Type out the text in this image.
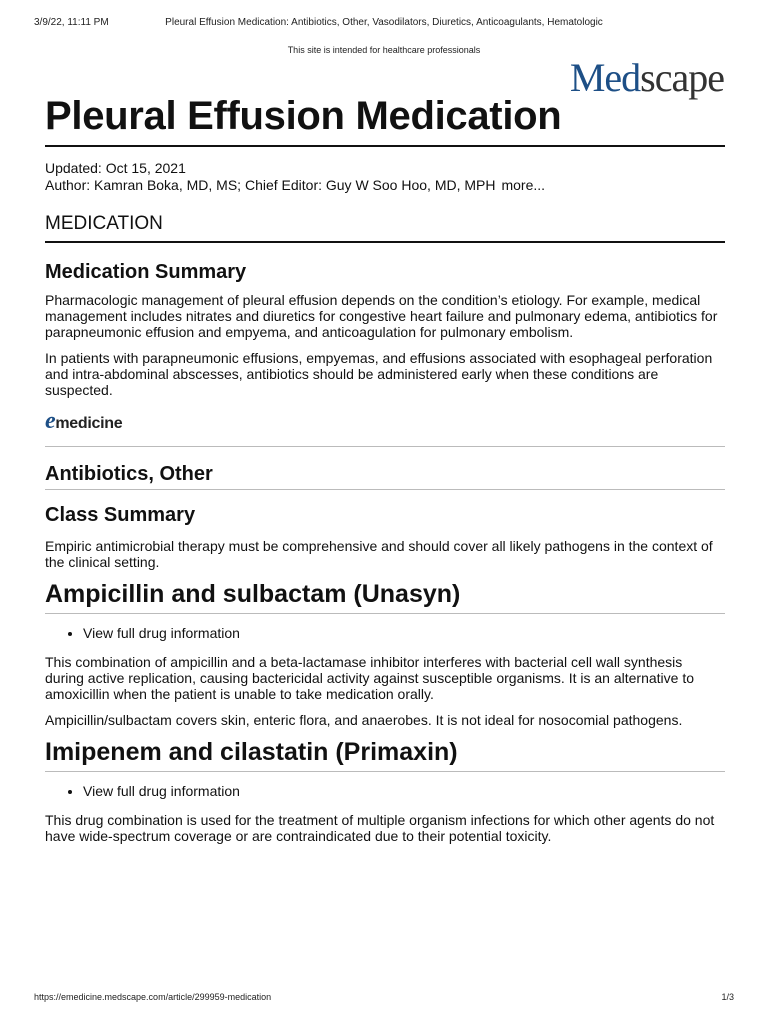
Pleural Effusion Medication: Antibiotics, Other, Vasodilators, Diuretics, Anticoagulants, Hematologic
3/9/22, 11:11 PM
This site is intended for healthcare professionals
Medscape
Pleural Effusion Medication
Updated: Oct 15, 2021
Author: Kamran Boka, MD, MS; Chief Editor: Guy W Soo Hoo, MD, MPH more...
MEDICATION
Medication Summary

Pharmacologic management of pleural effusion depends on the condition’s etiology. For example, medical management includes nitrates and diuretics for congestive heart failure and pulmonary edema, antibiotics for parapneumonic effusion and empyema, and anticoagulation for pulmonary embolism.

In patients with parapneumonic effusions, empyemas, and effusions associated with esophageal perforation and intra-abdominal abscesses, antibiotics should be administered early when these conditions are suspected.

emedicine
Antibiotics, Other
Class Summary

Empiric antimicrobial therapy must be comprehensive and should cover all likely pathogens in the context of the clinical setting.

Ampicillin and sulbactam (Unasyn)
• View full drug information

This combination of ampicillin and a beta-lactamase inhibitor interferes with bacterial cell wall synthesis during active replication, causing bactericidal activity against susceptible organisms. It is an alternative to amoxicillin when the patient is unable to take medication orally.

Ampicillin/sulbactam covers skin, enteric flora, and anaerobes. It is not ideal for nosocomial pathogens.

Imipenem and cilastatin (Primaxin)
• View full drug information

This drug combination is used for the treatment of multiple organism infections for which other agents do not have wide-spectrum coverage or are contraindicated due to their potential toxicity.

https://emedicine.medscape.com/article/299959-medication	1/3
